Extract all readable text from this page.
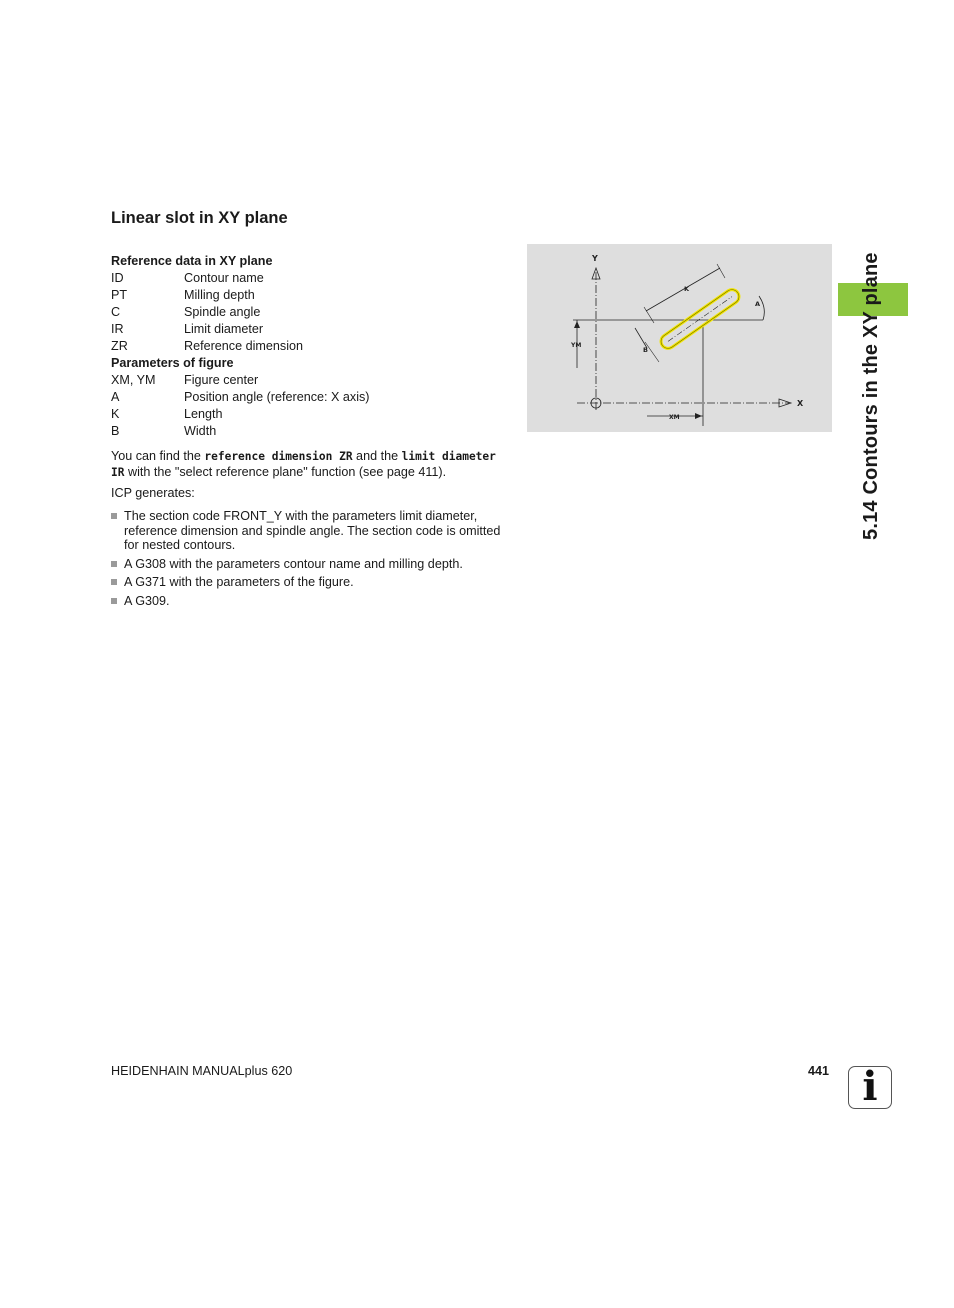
Linear slot in XY plane
Reference data in XY plane
ID	Contour name
PT	Milling depth
C	Spindle angle
IR	Limit diameter
ZR	Reference dimension
Parameters of figure
XM, YM	Figure center
A	Position angle (reference: X axis)
K	Length
B	Width

You can find the reference dimension ZR and the limit diameter IR with the "select reference plane" function (see page 411).

ICP generates:

The section code FRONT_Y with the parameters limit diameter, reference dimension and spindle angle. The section code is omitted for nested contours.
A G308 with the parameters contour name and milling depth.
A G371 with the parameters of the figure.
A G309.
Y
X
K
A
YM
B
XM	5.14 Contours in the XY plane
HEIDENHAIN MANUALplus 620	441 i
